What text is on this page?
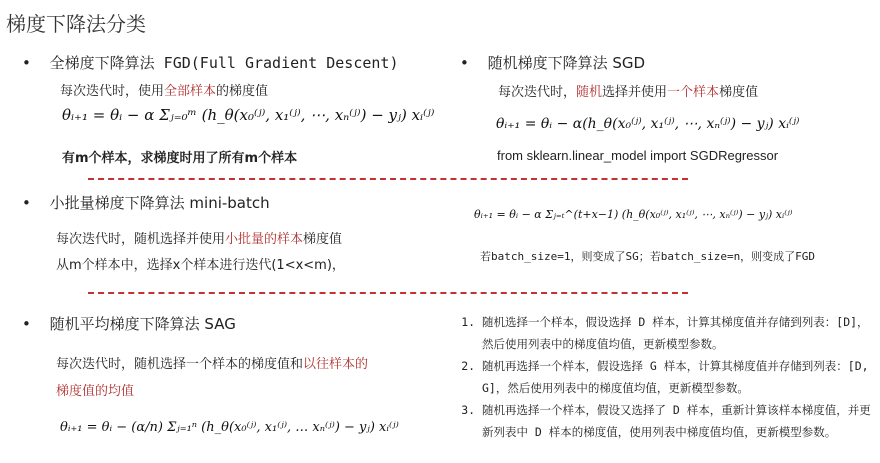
梯度下降法分类
• 全梯度下降算法 FGD(Full Gradient Descent)
每次迭代时，使用全部样本的梯度值
θᵢ₊₁ = θᵢ − α Σⱼ₌₀ᵐ (h_θ(x₀⁽ʲ⁾, x₁⁽ʲ⁾, ⋯, xₙ⁽ʲ⁾) − yⱼ) xᵢ⁽ʲ⁾
有m个样本，求梯度时用了所有m个样本
• 随机梯度下降算法 SGD
每次迭代时，随机选择并使用一个样本梯度值
θᵢ₊₁ = θᵢ − α(h_θ(x₀⁽ʲ⁾, x₁⁽ʲ⁾, ⋯, xₙ⁽ʲ⁾) − yⱼ) xᵢ⁽ʲ⁾
from sklearn.linear_model import SGDRegressor
• 小批量梯度下降算法 mini-batch
每次迭代时，随机选择并使用小批量的样本梯度值
从m个样本中，选择x个样本进行迭代(1<x<m)，
θᵢ₊₁ = θᵢ − α Σⱼ₌ₜ^(t+x−1) (h_θ(x₀⁽ʲ⁾, x₁⁽ʲ⁾, ⋯, xₙ⁽ʲ⁾) − yⱼ) xᵢ⁽ʲ⁾
若batch_size=1，则变成了SG；若batch_size=n，则变成了FGD
• 随机平均梯度下降算法 SAG
每次迭代时，随机选择一个样本的梯度值和以往样本的
梯度值的均值
θᵢ₊₁ = θᵢ − (α/n) Σⱼ₌₁ⁿ (h_θ(x₀⁽ʲ⁾, x₁⁽ʲ⁾, … xₙ⁽ʲ⁾) − yⱼ) xᵢ⁽ʲ⁾
1. 随机选择一个样本，假设选择 D 样本，计算其梯度值并存储到列表：[D]，然后使用列表中的梯度值均值，更新模型参数。
2. 随机再选择一个样本，假设选择 G 样本，计算其梯度值并存储到列表：[D, G]，然后使用列表中的梯度值均值，更新模型参数。
3. 随机再选择一个样本，假设又选择了 D 样本，重新计算该样本梯度值，并更新列表中 D 样本的梯度值，使用列表中梯度值均值，更新模型参数。
